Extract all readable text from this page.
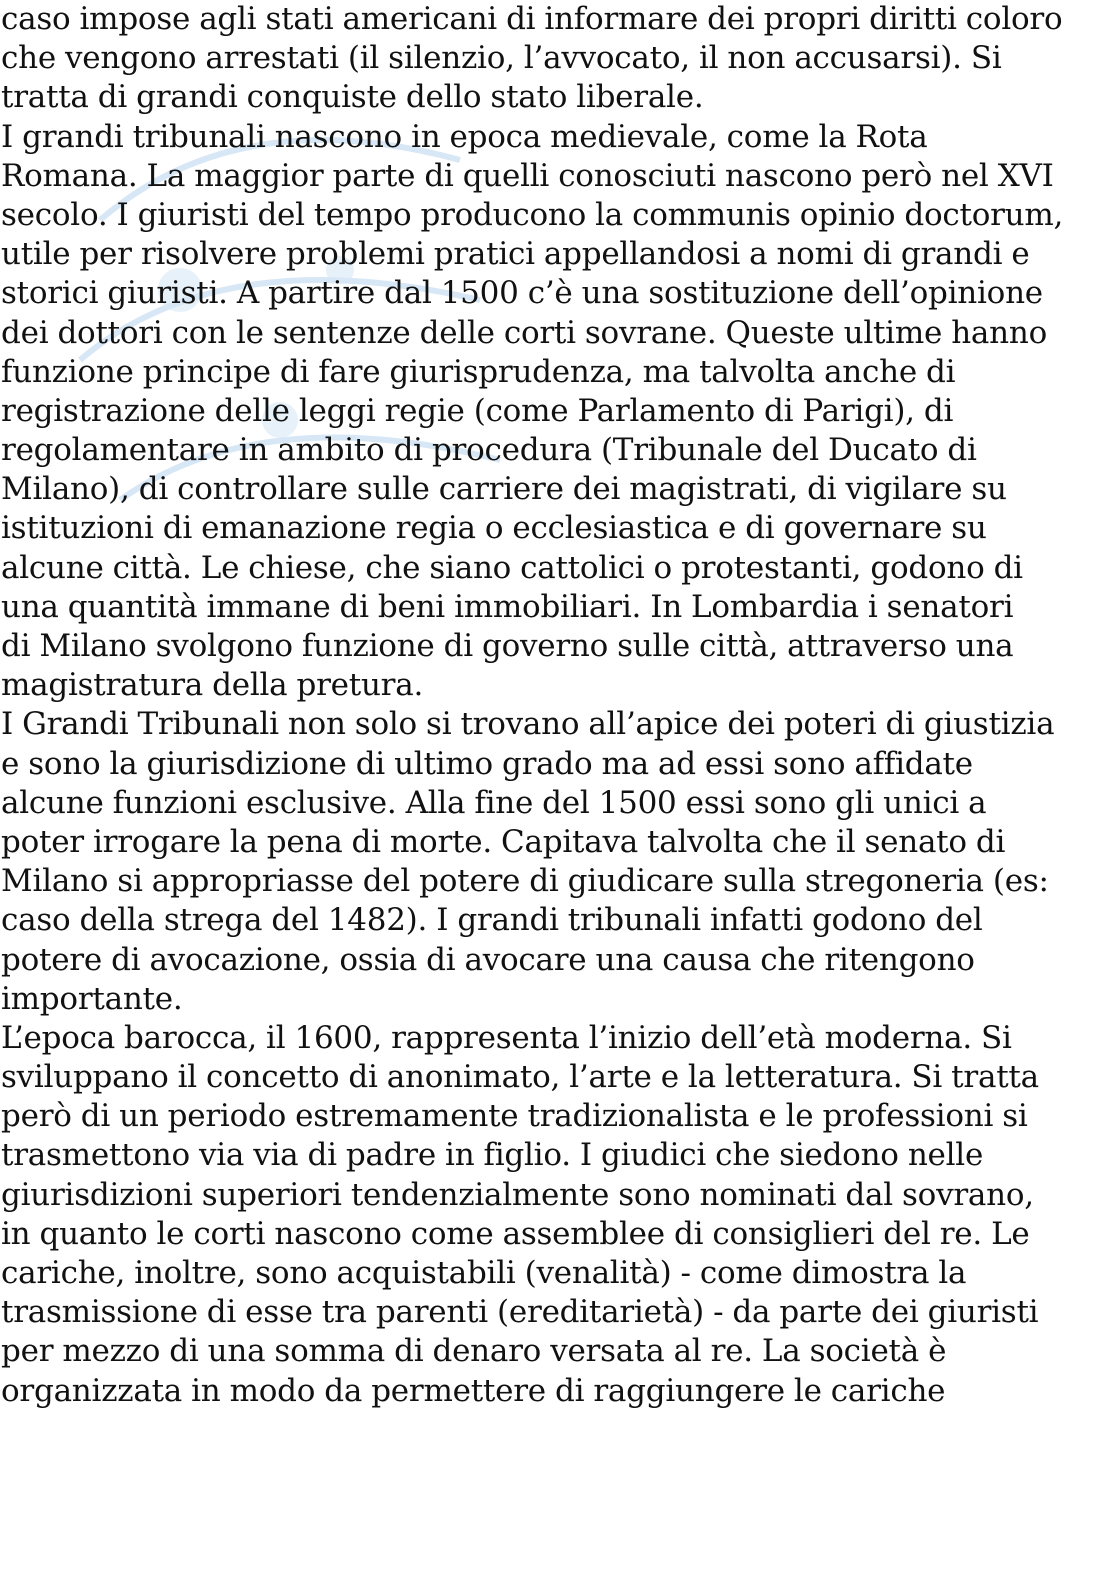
caso impose agli stati americani di informare dei propri diritti coloro
che vengono arrestati (il silenzio, l’avvocato, il non accusarsi). Si
tratta di grandi conquiste dello stato liberale.
I grandi tribunali nascono in epoca medievale, come la Rota
Romana. La maggior parte di quelli conosciuti nascono però nel XVI
secolo. I giuristi del tempo producono la communis opinio doctorum,
utile per risolvere problemi pratici appellandosi a nomi di grandi e
storici giuristi. A partire dal 1500 c’è una sostituzione dell’opinione
dei dottori con le sentenze delle corti sovrane. Queste ultime hanno
funzione principe di fare giurisprudenza, ma talvolta anche di
registrazione delle leggi regie (come Parlamento di Parigi), di
regolamentare in ambito di procedura (Tribunale del Ducato di
Milano), di controllare sulle carriere dei magistrati, di vigilare su
istituzioni di emanazione regia o ecclesiastica e di governare su
alcune città. Le chiese, che siano cattolici o protestanti, godono di
una quantità immane di beni immobiliari. In Lombardia i senatori
di Milano svolgono funzione di governo sulle città, attraverso una
magistratura della pretura.
I Grandi Tribunali non solo si trovano all’apice dei poteri di giustizia
e sono la giurisdizione di ultimo grado ma ad essi sono affidate
alcune funzioni esclusive. Alla fine del 1500 essi sono gli unici a
poter irrogare la pena di morte. Capitava talvolta che il senato di
Milano si appropriasse del potere di giudicare sulla stregoneria (es:
caso della strega del 1482). I grandi tribunali infatti godono del
potere di avocazione, ossia di avocare una causa che ritengono
importante.
L’epoca barocca, il 1600, rappresenta l’inizio dell’età moderna. Si
sviluppano il concetto di anonimato, l’arte e la letteratura. Si tratta
però di un periodo estremamente tradizionalista e le professioni si
trasmettono via via di padre in figlio. I giudici che siedono nelle
giurisdizioni superiori tendenzialmente sono nominati dal sovrano,
in quanto le corti nascono come assemblee di consiglieri del re. Le
cariche, inoltre, sono acquistabili (venalità) - come dimostra la
trasmissione di esse tra parenti (ereditarietà) - da parte dei giuristi
per mezzo di una somma di denaro versata al re. La società è
organizzata in modo da permettere di raggiungere le cariche
